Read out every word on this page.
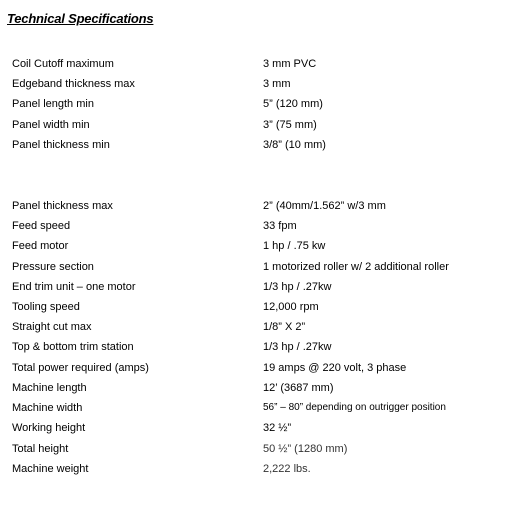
Technical Specifications
Coil Cutoff maximum	3 mm PVC
Edgeband thickness max	3 mm
Panel length min	5” (120 mm)
Panel width min	3” (75 mm)
Panel thickness min	3/8” (10 mm)
Panel thickness max	2” (40mm/1.562” w/3 mm
Feed speed	33 fpm
Feed motor	1 hp / .75 kw
Pressure section	1 motorized roller w/ 2 additional roller
End trim unit – one motor	1/3 hp / .27kw
Tooling speed	12,000 rpm
Straight cut max	1/8” X 2”
Top & bottom trim station	1/3 hp / .27kw
Total power required (amps)	19 amps @ 220 volt, 3 phase
Machine length	12’ (3687 mm)
Machine width	56” – 80” depending on outrigger position
Working height	32 ½”
Total height	50 ½” (1280 mm)
Machine weight	2,222 lbs.
